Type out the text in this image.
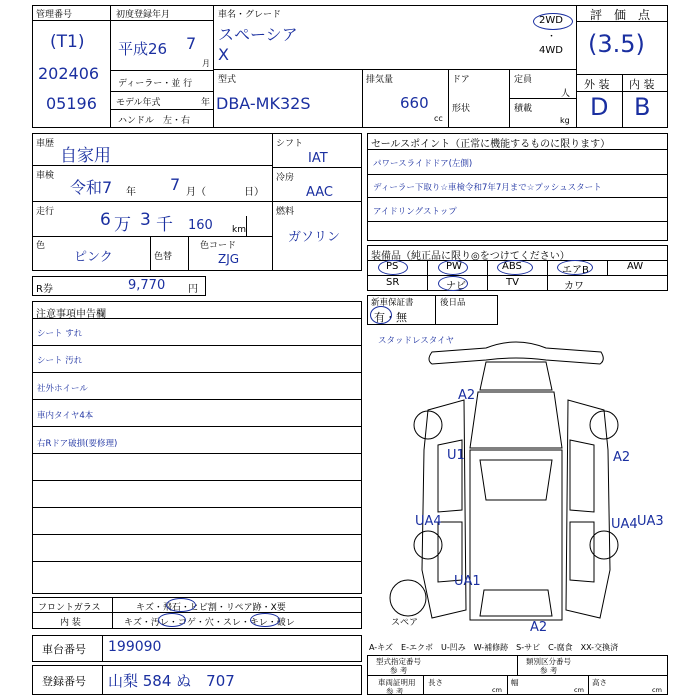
管理番号
(T1)
202406
05196
初度登録年月
平成26 7
月
ディーラー・並 行
モデル年式	年
ハンドル　左・右
車名・グレード
スペーシア
X
2WD
・
4WD
型式
DBA-MK32S
排気量
660
cc
ドア
形状
定員
人
積載
kg
評　価　点
(3.5)
外 装 内 装
D B
車歴
自家用
車検
令和7 年 7 月（	日）
走行	6 万 3 千 160 km
色
ピンク	色替
色コード
ZJG
シフト
IAT
冷房
AAC
燃料
ガソリン
R券	9,770 円
セールスポイント（正常に機能するものに限ります）
パワースライドドア(左側)
ディーラー下取り☆車検令和7年7月まで☆プッシュスタート
アイドリングストップ
装備品（純正品に限り◎をつけてください）
PS	PW	ABS	エアB	AW
SR	ナビ	TV	カワ
新車保証書
有・無
後日品
注意事項申告欄
シート すれ
シート 汚れ
社外ホイール
車内タイヤ4本
右Rドア破損(要修理)
スタッドレスタイヤ
A2
U1	A2
UA4	UA4 UA3
UA1
A2
スペア
A-キズ　E-エクボ　U-凹み　W-補修跡　S-サビ　C-腐食　XX-交換済
フロントガラス	キズ・飛石・ヒビ割・リペア跡・X要
内 装	キズ・汚レ・コゲ・穴・スレ・キレ・破レ
車台番号 199090
登録番号 山梨 584 ぬ　707
型式指定番号
参 考
類別区分番号
参 考
車両証明用
参 考
長さ
cm
幅
cm
高さ
cm
